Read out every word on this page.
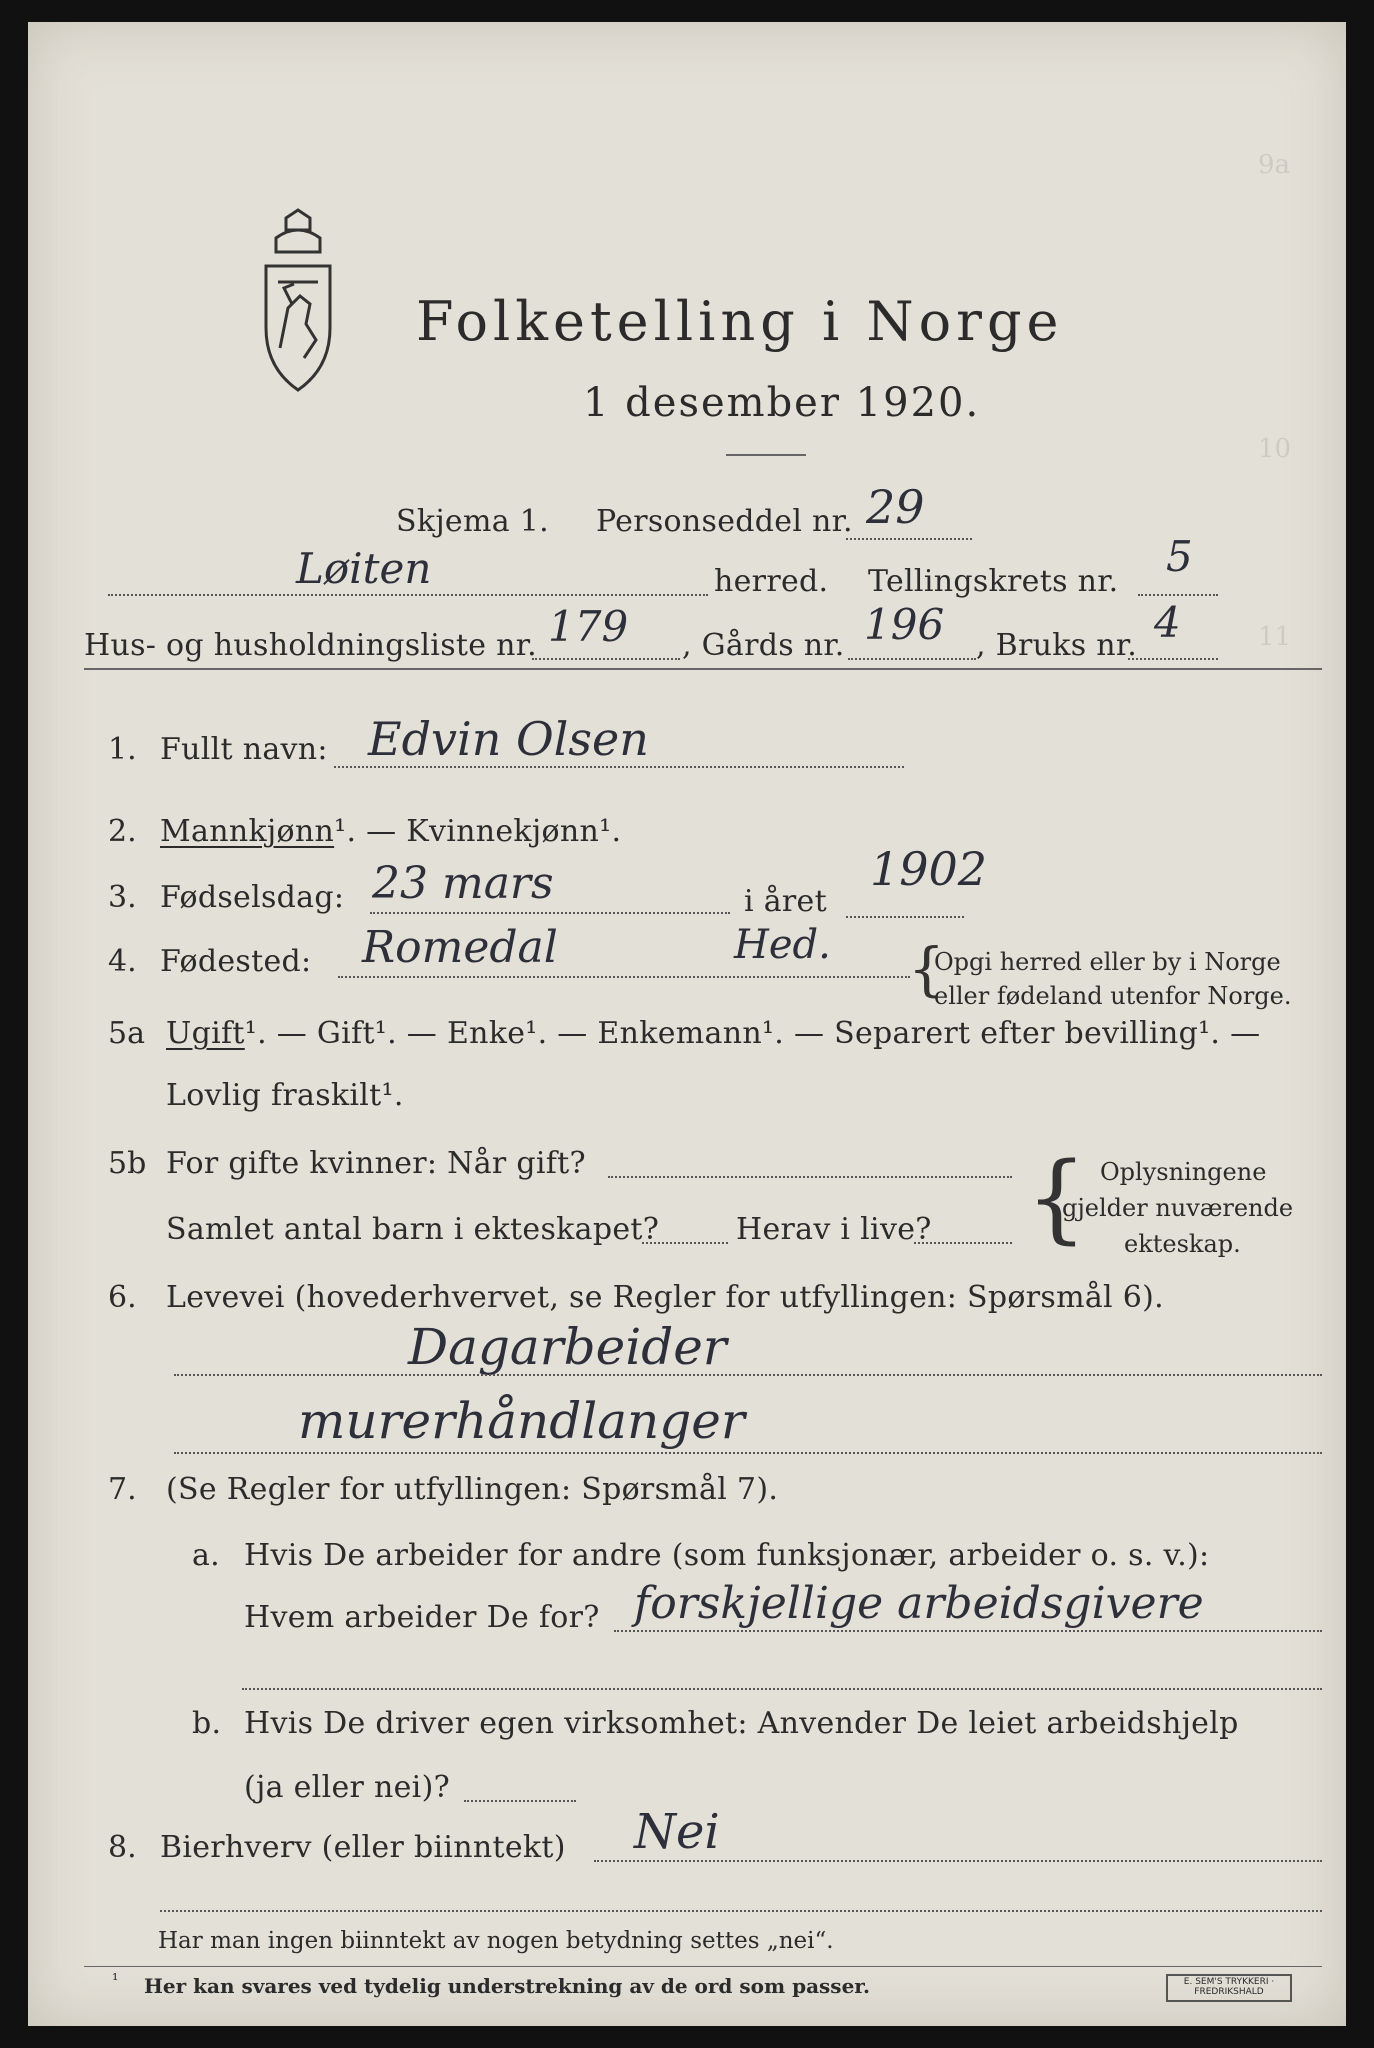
9a
10
11
Folketelling i Norge
1 desember 1920.
Skjema 1. Personseddel nr. 29
Løiten	herred. Tellingskrets nr.
5
Hus- og husholdningsliste nr. 179 , Gårds nr. 196 , Bruks nr. 4
1. Fullt navn: Edvin Olsen
2. Mannkjønn¹. — Kvinnekjønn¹.
3. Fødselsdag: 23 mars	i året
1902
4. Fødested: Romedal	Hed. {
Opgi herred eller by i Norge
eller fødeland utenfor Norge.
5a Ugift¹. — Gift¹. — Enke¹. — Enkemann¹. — Separert efter bevilling¹. —
Lovlig fraskilt¹.
5b For gifte kvinner: Når gift?
Samlet antal barn i ekteskapet?	Herav i live? { Oplysningene
gjelder nuværende
ekteskap.
6. Levevei (hovederhvervet, se Regler for utfyllingen: Spørsmål 6).
Dagarbeider
murerhåndlanger
7. (Se Regler for utfyllingen: Spørsmål 7).
a. Hvis De arbeider for andre (som funksjonær, arbeider o. s. v.):
Hvem arbeider De for? forskjellige arbeidsgivere
b. Hvis De driver egen virksomhet: Anvender De leiet arbeidshjelp
(ja eller nei)?
8. Bierhverv (eller biinntekt) Nei
Har man ingen biinntekt av nogen betydning settes „nei“.
¹ Her kan svares ved tydelig understrekning av de ord som passer.	E. SEM'S TRYKKERI · FREDRIKSHALD
